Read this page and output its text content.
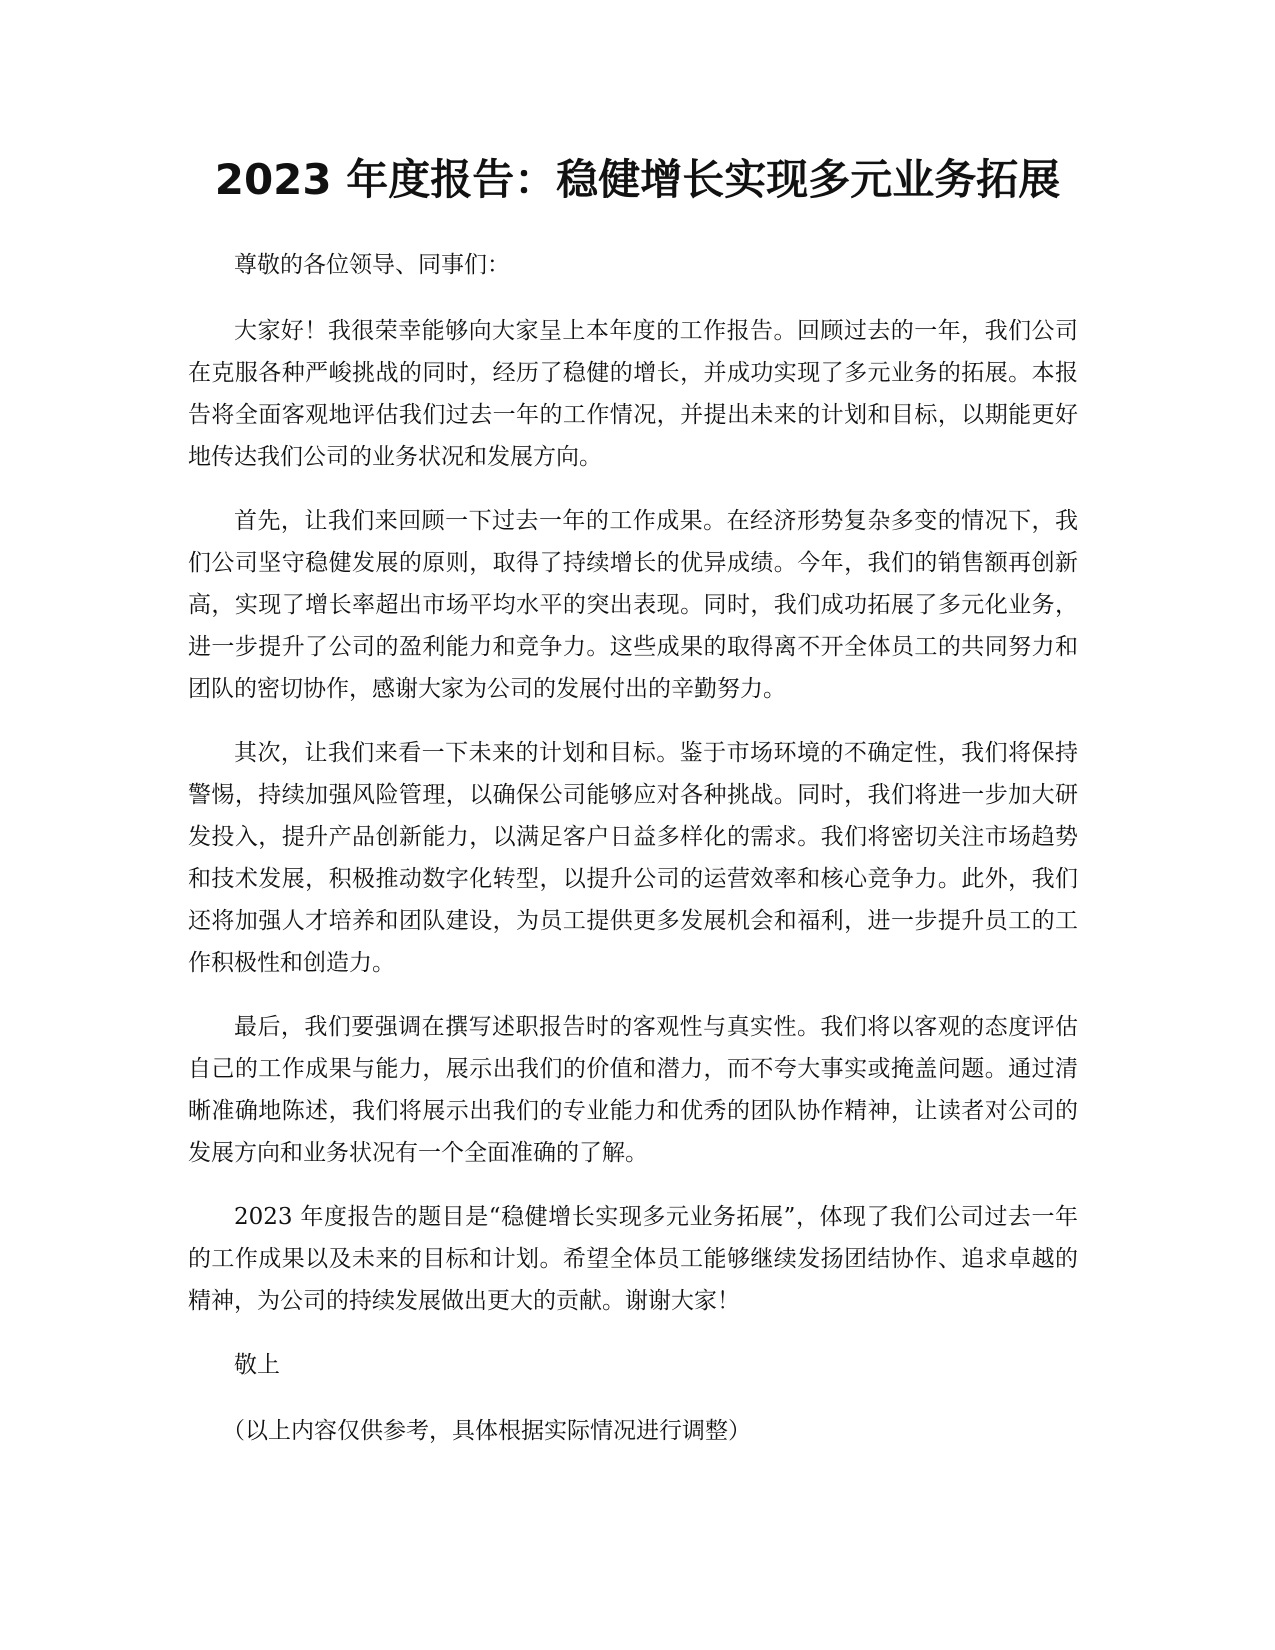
2023 年度报告：稳健增长实现多元业务拓展

尊敬的各位领导、同事们：

大家好！我很荣幸能够向大家呈上本年度的工作报告。回顾过去的一年，我们公司在克服各种严峻挑战的同时，经历了稳健的增长，并成功实现了多元业务的拓展。本报告将全面客观地评估我们过去一年的工作情况，并提出未来的计划和目标，以期能更好地传达我们公司的业务状况和发展方向。

首先，让我们来回顾一下过去一年的工作成果。在经济形势复杂多变的情况下，我们公司坚守稳健发展的原则，取得了持续增长的优异成绩。今年，我们的销售额再创新高，实现了增长率超出市场平均水平的突出表现。同时，我们成功拓展了多元化业务，进一步提升了公司的盈利能力和竞争力。这些成果的取得离不开全体员工的共同努力和团队的密切协作，感谢大家为公司的发展付出的辛勤努力。

其次，让我们来看一下未来的计划和目标。鉴于市场环境的不确定性，我们将保持警惕，持续加强风险管理，以确保公司能够应对各种挑战。同时，我们将进一步加大研发投入，提升产品创新能力，以满足客户日益多样化的需求。我们将密切关注市场趋势和技术发展，积极推动数字化转型，以提升公司的运营效率和核心竞争力。此外，我们还将加强人才培养和团队建设，为员工提供更多发展机会和福利，进一步提升员工的工作积极性和创造力。

最后，我们要强调在撰写述职报告时的客观性与真实性。我们将以客观的态度评估自己的工作成果与能力，展示出我们的价值和潜力，而不夸大事实或掩盖问题。通过清晰准确地陈述，我们将展示出我们的专业能力和优秀的团队协作精神，让读者对公司的发展方向和业务状况有一个全面准确的了解。

2023 年度报告的题目是“稳健增长实现多元业务拓展”，体现了我们公司过去一年的工作成果以及未来的目标和计划。希望全体员工能够继续发扬团结协作、追求卓越的精神，为公司的持续发展做出更大的贡献。谢谢大家！

敬上

（以上内容仅供参考，具体根据实际情况进行调整）
